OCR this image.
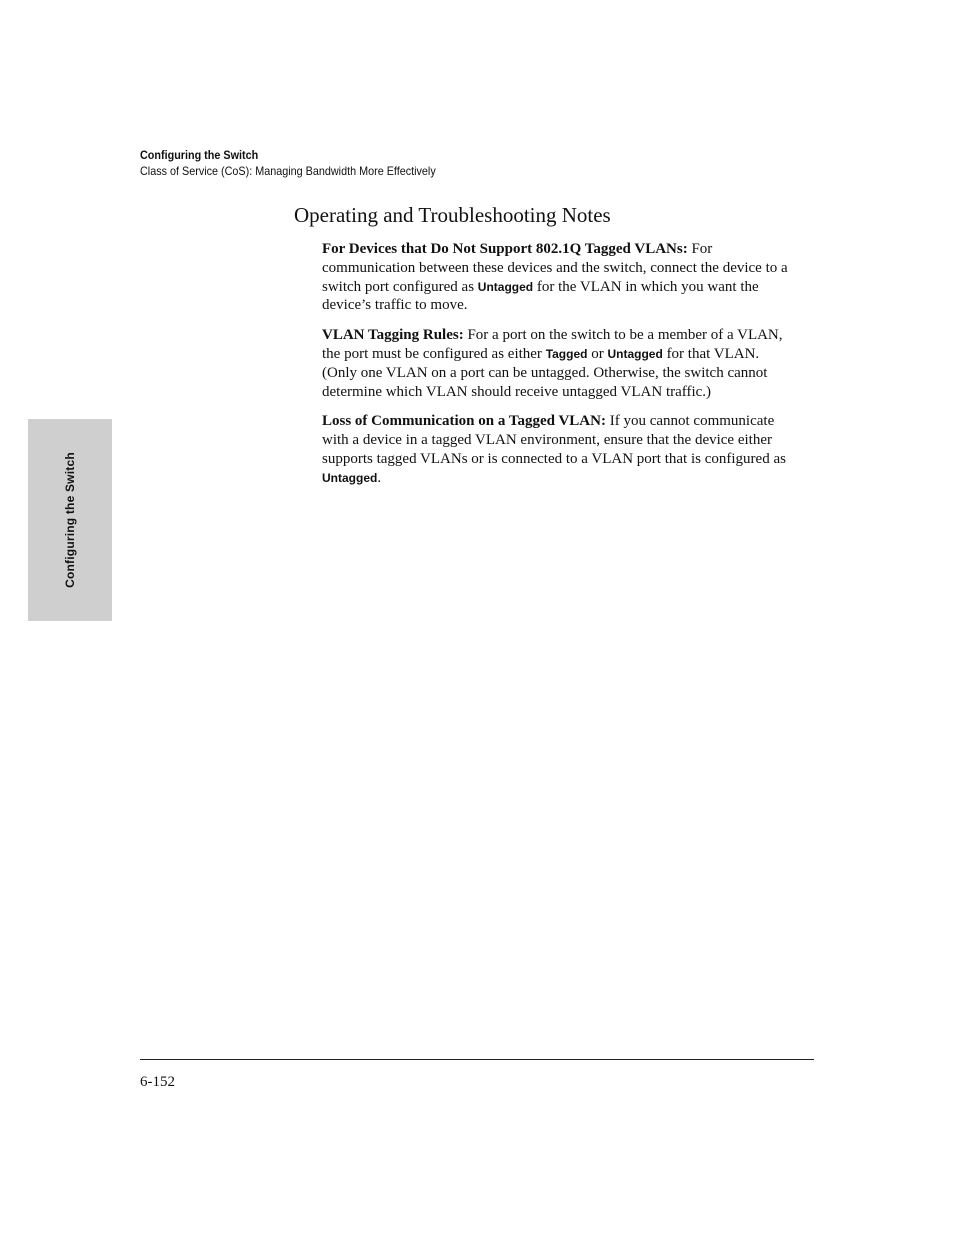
Configuring the Switch
Class of Service (CoS): Managing Bandwidth More Effectively
Configuring the Switch
Operating and Troubleshooting Notes

For Devices that Do Not Support 802.1Q Tagged VLANs: For communication between these devices and the switch, connect the device to a switch port configured as Untagged for the VLAN in which you want the device’s traffic to move.

VLAN Tagging Rules: For a port on the switch to be a member of a VLAN, the port must be configured as either Tagged or Untagged for that VLAN. (Only one VLAN on a port can be untagged. Otherwise, the switch cannot determine which VLAN should receive untagged VLAN traffic.)

Loss of Communication on a Tagged VLAN: If you cannot communicate with a device in a tagged VLAN environment, ensure that the device either supports tagged VLANs or is connected to a VLAN port that is configured as Untagged.

6-152
